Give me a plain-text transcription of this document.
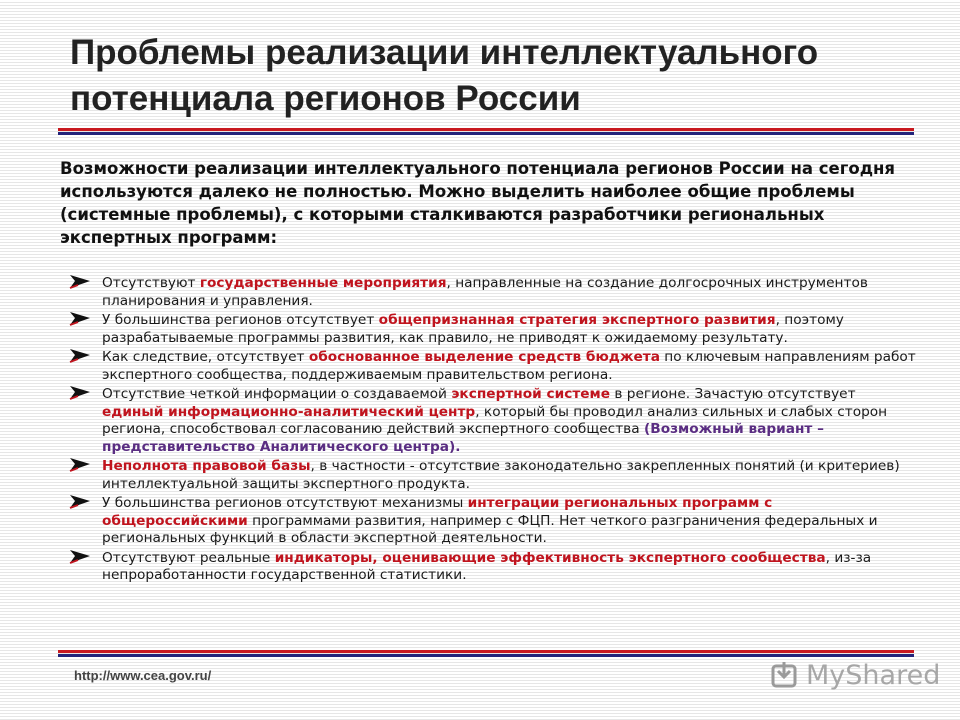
Проблемы реализации интеллектуального
потенциала регионов России

Возможности реализации интеллектуального потенциала регионов России на сегодня используются далеко не полностью. Можно выделить наиболее общие проблемы (системные проблемы), с которыми сталкиваются разработчики региональных экспертных программ:

Отсутствуют государственные мероприятия, направленные на создание долгосрочных инструментов планирования и управления.
У большинства регионов отсутствует общепризнанная стратегия экспертного развития, поэтому разрабатываемые программы развития, как правило, не приводят к ожидаемому результату.
Как следствие, отсутствует обоснованное выделение средств бюджета по ключевым направлениям работ экспертного сообщества, поддерживаемым правительством региона.
Отсутствие четкой информации о создаваемой экспертной системе в регионе. Зачастую отсутствует единый информационно-аналитический центр, который бы проводил анализ сильных и слабых сторон региона, способствовал согласованию действий экспертного сообщества (Возможный вариант – представительство Аналитического центра).
Неполнота правовой базы, в частности - отсутствие законодательно закрепленных понятий (и критериев) интеллектуальной защиты экспертного продукта.
У большинства регионов отсутствуют механизмы интеграции региональных программ с общероссийскими программами развития, например с ФЦП. Нет четкого разграничения федеральных и региональных функций в области экспертной деятельности.
Отсутствуют реальные индикаторы, оценивающие эффективность экспертного сообщества, из-за непроработанности государственной статистики.
http://www.cea.gov.ru/	MyShared
